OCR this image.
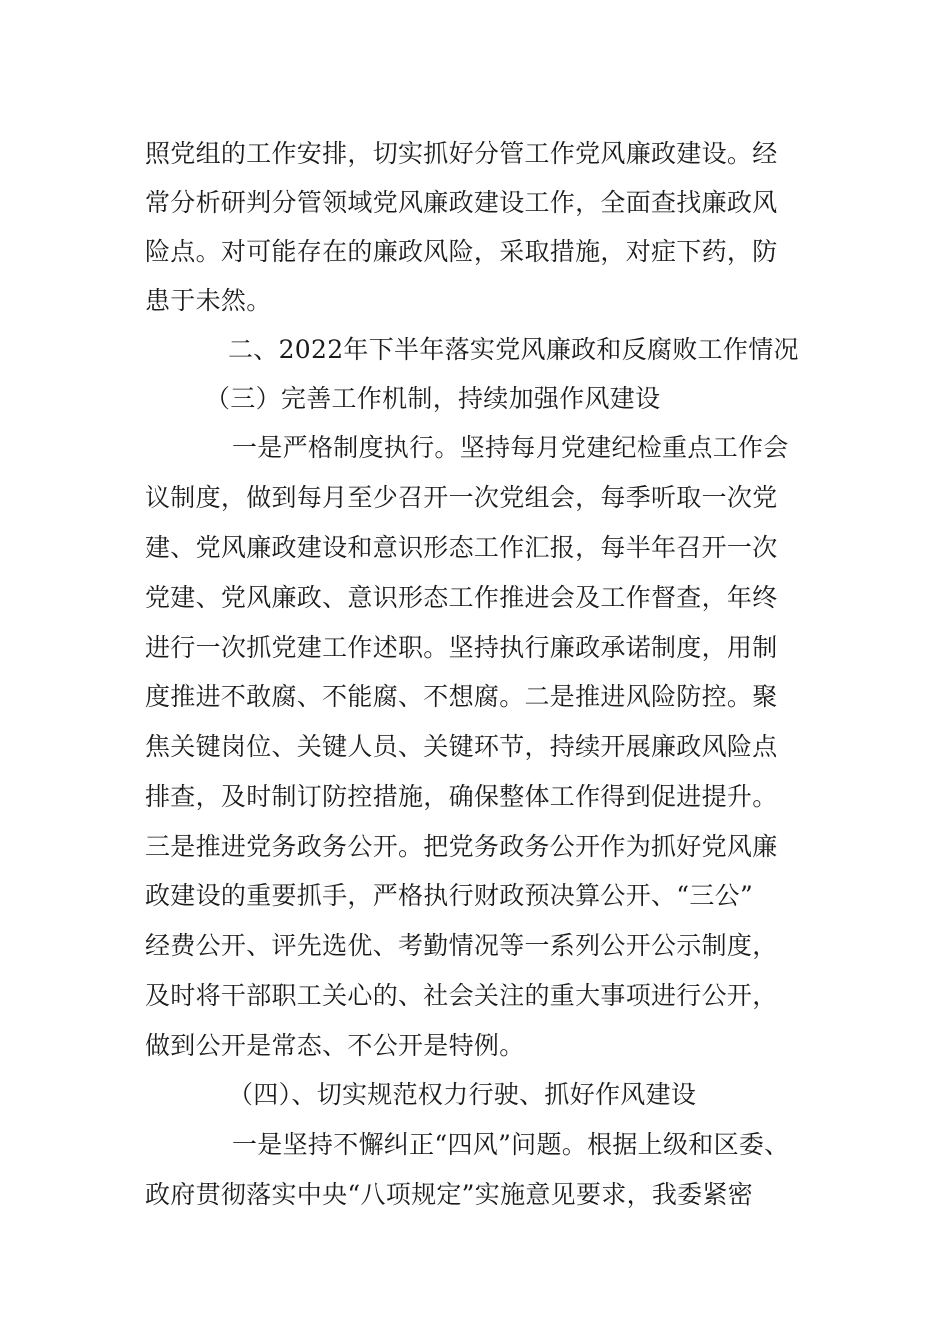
照党组的工作安排，切实抓好分管工作党风廉政建设。经
常分析研判分管领域党风廉政建设工作，全面查找廉政风
险点。对可能存在的廉政风险，采取措施，对症下药，防
患于未然。
二、2022年下半年落实党风廉政和反腐败工作情况
（三）完善工作机制，持续加强作风建设
一是严格制度执行。坚持每月党建纪检重点工作会
议制度，做到每月至少召开一次党组会，每季听取一次党
建、党风廉政建设和意识形态工作汇报，每半年召开一次
党建、党风廉政、意识形态工作推进会及工作督查，年终
进行一次抓党建工作述职。坚持执行廉政承诺制度，用制
度推进不敢腐、不能腐、不想腐。二是推进风险防控。聚
焦关键岗位、关键人员、关键环节，持续开展廉政风险点
排查，及时制订防控措施，确保整体工作得到促进提升。
三是推进党务政务公开。把党务政务公开作为抓好党风廉
政建设的重要抓手，严格执行财政预决算公开、“三公”
经费公开、评先选优、考勤情况等一系列公开公示制度，
及时将干部职工关心的、社会关注的重大事项进行公开，
做到公开是常态、不公开是特例。
（四）、切实规范权力行驶、抓好作风建设
一是坚持不懈纠正“四风”问题。根据上级和区委、
政府贯彻落实中央“八项规定”实施意见要求，我委紧密
